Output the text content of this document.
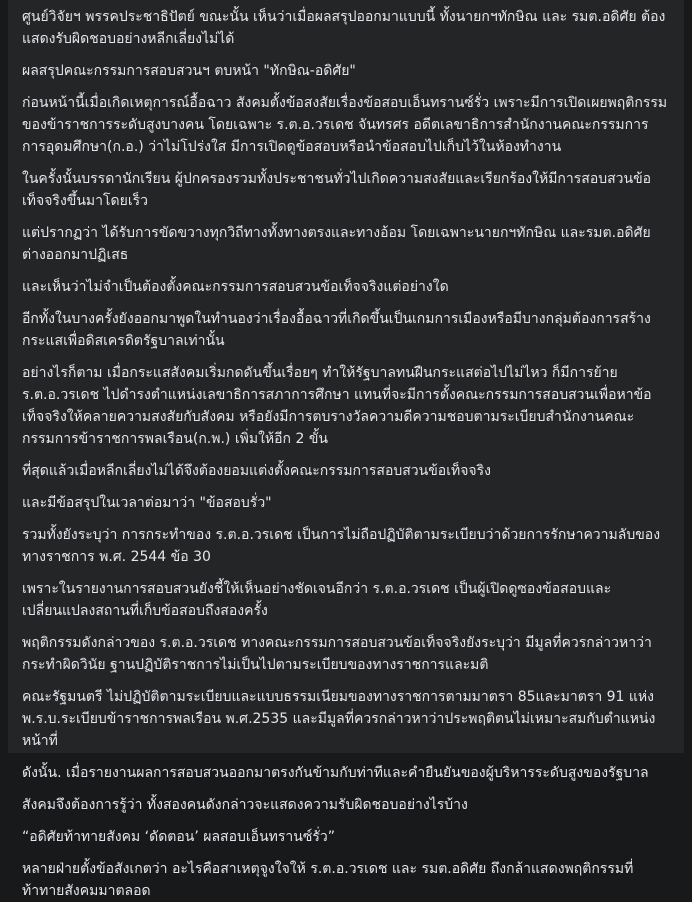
ศูนย์วิจัยฯ พรรคประชาธิปัตย์ ขณะนั้น เห็นว่าเมื่อผลสรุปออกมาแบบนี้ ทั้งนายกฯทักษิณ และ รมต.อดิศัย ต้องแสดงรับผิดชอบอย่างหลีกเลี่ยงไม่ได้

ผลสรุปคณะกรรมการสอบสวนฯ ตบหน้า "ทักษิณ-อดิศัย"

ก่อนหน้านี้เมื่อเกิดเหตุการณ์อื้อฉาว สังคมตั้งข้อสงสัยเรื่องข้อสอบเอ็นทรานซ์รั่ว เพราะมีการเปิดเผยพฤติกรรมของข้าราชการระดับสูงบางคน โดยเฉพาะ ร.ต.อ.วรเดช จันทรศร อดีตเลขาธิการสำนักงานคณะกรรมการการอุดมศึกษา(ก.อ.) ว่าไม่โปร่งใส มีการเปิดดูข้อสอบหรือนำข้อสอบไปเก็บไว้ในห้องทำงาน

ในครั้งนั้นบรรดานักเรียน ผู้ปกครองรวมทั้งประชาชนทั่วไปเกิดความสงสัยและเรียกร้องให้มีการสอบสวนข้อเท็จจริงขึ้นมาโดยเร็ว

แต่ปรากฏว่า ได้รับการขัดขวางทุกวิถีทางทั้งทางตรงและทางอ้อม โดยเฉพาะนายกฯทักษิณ และรมต.อดิศัย ต่างออกมาปฏิเสธ

และเห็นว่าไม่จำเป็นต้องตั้งคณะกรรมการสอบสวนข้อเท็จจริงแต่อย่างใด

อีกทั้งในบางครั้งยังออกมาพูดในทำนองว่าเรื่องอื้อฉาวที่เกิดขึ้นเป็นเกมการเมืองหรือมีบางกลุ่มต้องการสร้างกระแสเพื่อดิสเครดิตรัฐบาลเท่านั้น

อย่างไรก็ตาม เมื่อกระแสสังคมเริ่มกดดันขึ้นเรื่อยๆ ทำให้รัฐบาลทนฝืนกระแสต่อไปไม่ไหว ก็มีการย้าย ร.ต.อ.วรเดช ไปดำรงตำแหน่งเลขาธิการสภาการศึกษา แทนที่จะมีการตั้งคณะกรรมการสอบสวนเพื่อหาข้อเท็จจริงให้คลายความสงสัยกับสังคม หรือยังมีการตบรางวัลความดีความชอบตามระเบียบสำนักงานคณะกรรมการข้าราชการพลเรือน(ก.พ.) เพิ่มให้อีก 2 ขั้น

ที่สุดแล้วเมื่อหลีกเลี่ยงไม่ได้จึงต้องยอมแต่งตั้งคณะกรรมการสอบสวนข้อเท็จจริง

และมีข้อสรุปในเวลาต่อมาว่า "ข้อสอบรั่ว"

รวมทั้งยังระบุว่า การกระทำของ ร.ต.อ.วรเดช เป็นการไม่ถือปฏิบัติตามระเบียบว่าด้วยการรักษาความลับของทางราชการ พ.ศ. 2544 ข้อ 30

เพราะในรายงานการสอบสวนยังชี้ให้เห็นอย่างชัดเจนอีกว่า ร.ต.อ.วรเดช เป็นผู้เปิดดูซองข้อสอบและเปลี่ยนแปลงสถานที่เก็บข้อสอบถึงสองครั้ง

พฤติกรรมดังกล่าวของ ร.ต.อ.วรเดช ทางคณะกรรมการสอบสวนข้อเท็จจริงยังระบุว่า มีมูลที่ควรกล่าวหาว่ากระทำผิดวินัย ฐานปฏิบัติราชการไม่เป็นไปตามระเบียบของทางราชการและมติ

คณะรัฐมนตรี ไม่ปฏิบัติตามระเบียบและแบบธรรมเนียมของทางราชการตามมาตรา 85และมาตรา 91 แห่ง พ.ร.บ.ระเบียบข้าราชการพลเรือน พ.ศ.2535 และมีมูลที่ควรกล่าวหาว่าประพฤติตนไม่เหมาะสมกับตำแหน่งหน้าที่

ดังนั้น. เมื่อรายงานผลการสอบสวนออกมาตรงกันข้ามกับท่าทีและคำยืนยันของผู้บริหารระดับสูงของรัฐบาล

สังคมจึงต้องการรู้ว่า ทั้งสองคนดังกล่าวจะแสดงความรับผิดชอบอย่างไรบ้าง

“อดิศัยท้าทายสังคม ‘ดัดตอน’ ผลสอบเอ็นทรานซ์รั่ว”

หลายฝ่ายตั้งข้อสังเกตว่า อะไรคือสาเหตุจูงใจให้ ร.ต.อ.วรเดช และ รมต.อดิศัย ถึงกล้าแสดงพฤติกรรมที่ท้าทายสังคมมาตลอด
